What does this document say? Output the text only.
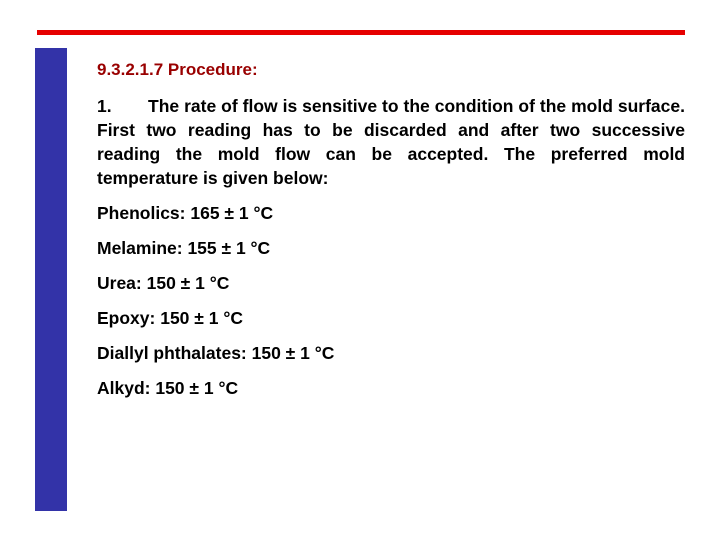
9.3.2.1.7 Procedure:
1. The rate of flow is sensitive to the condition of the mold surface. First two reading has to be discarded and after two successive reading the mold flow can be accepted. The preferred mold temperature is given below:
Phenolics: 165 ± 1 °C
Melamine: 155 ± 1 °C
Urea: 150 ± 1 °C
Epoxy: 150 ± 1 °C
Diallyl phthalates: 150 ± 1 °C
Alkyd: 150 ± 1 °C
